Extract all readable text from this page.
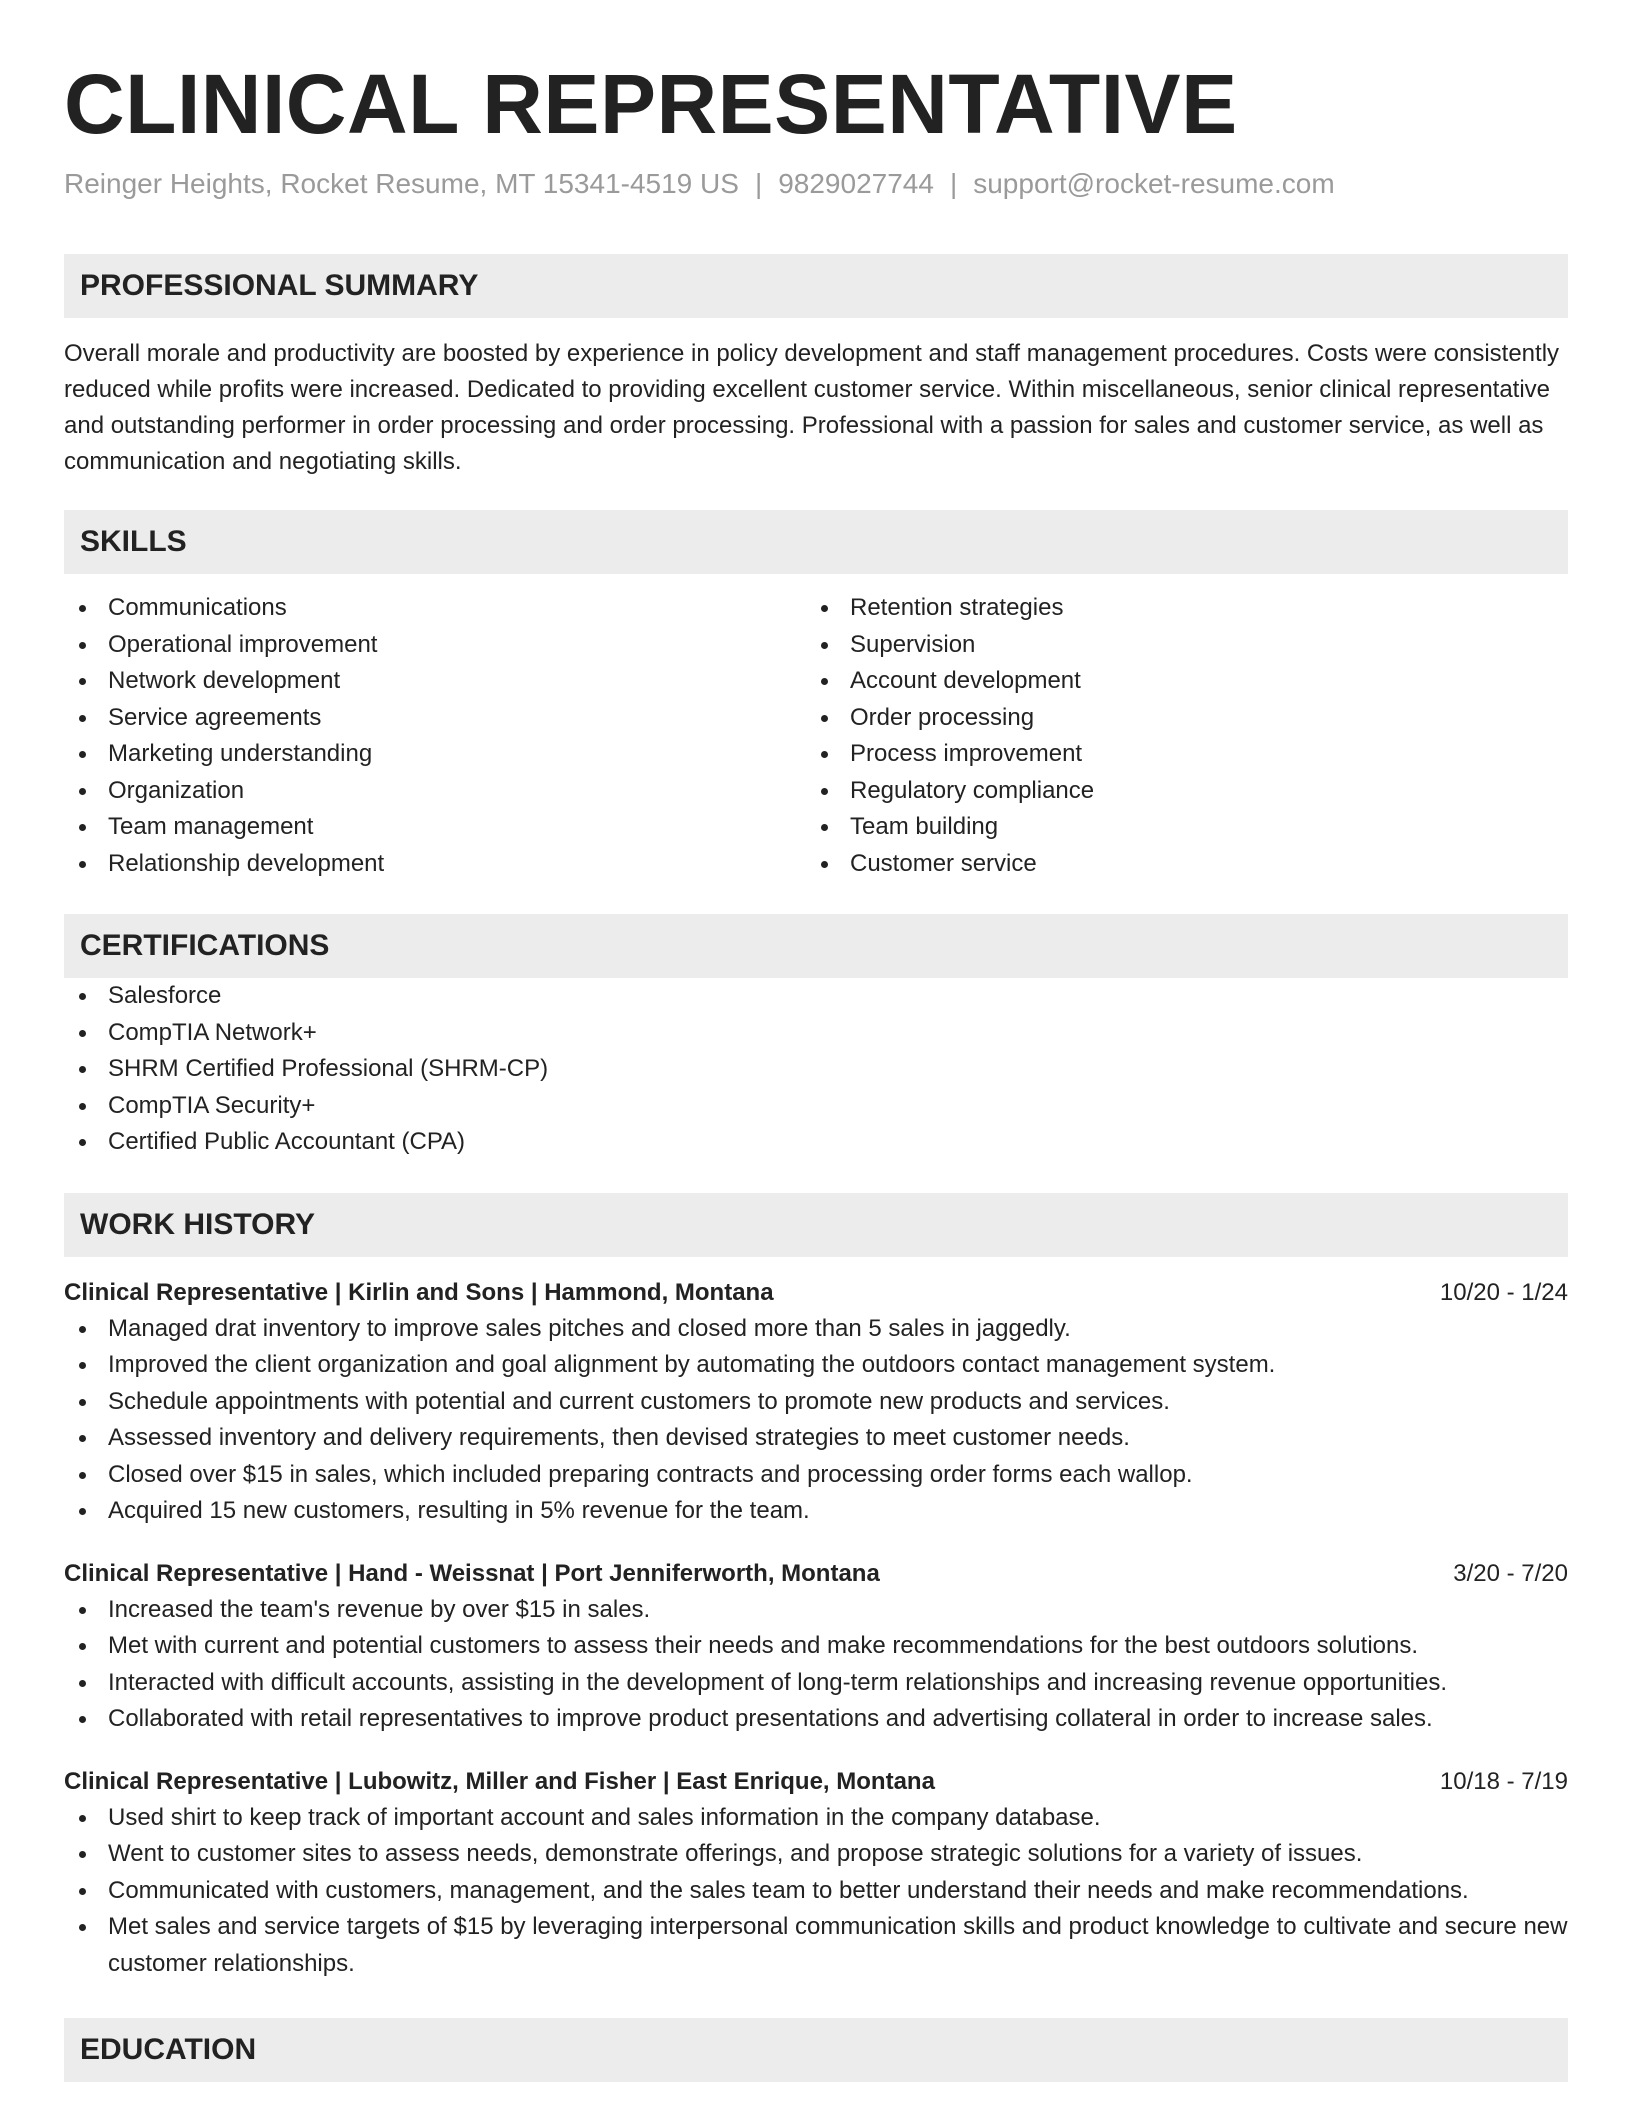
CLINICAL REPRESENTATIVE
Reinger Heights, Rocket Resume, MT 15341-4519 US | 9829027744 | support@rocket-resume.com
PROFESSIONAL SUMMARY

Overall morale and productivity are boosted by experience in policy development and staff management procedures. Costs were consistently reduced while profits were increased. Dedicated to providing excellent customer service. Within miscellaneous, senior clinical representative and outstanding performer in order processing and order processing. Professional with a passion for sales and customer service, as well as communication and negotiating skills.

SKILLS
Communications
Operational improvement
Network development
Service agreements
Marketing understanding
Organization
Team management
Relationship development
Retention strategies
Supervision
Account development
Order processing
Process improvement
Regulatory compliance
Team building
Customer service
CERTIFICATIONS
Salesforce
CompTIA Network+
SHRM Certified Professional (SHRM-CP)
CompTIA Security+
Certified Public Accountant (CPA)
WORK HISTORY
Clinical Representative | Kirlin and Sons | Hammond, Montana	10/20 - 1/24
Managed drat inventory to improve sales pitches and closed more than 5 sales in jaggedly.
Improved the client organization and goal alignment by automating the outdoors contact management system.
Schedule appointments with potential and current customers to promote new products and services.
Assessed inventory and delivery requirements, then devised strategies to meet customer needs.
Closed over $15 in sales, which included preparing contracts and processing order forms each wallop.
Acquired 15 new customers, resulting in 5% revenue for the team.
Clinical Representative | Hand - Weissnat | Port Jenniferworth, Montana	3/20 - 7/20
Increased the team's revenue by over $15 in sales.
Met with current and potential customers to assess their needs and make recommendations for the best outdoors solutions.
Interacted with difficult accounts, assisting in the development of long-term relationships and increasing revenue opportunities.
Collaborated with retail representatives to improve product presentations and advertising collateral in order to increase sales.
Clinical Representative | Lubowitz, Miller and Fisher | East Enrique, Montana	10/18 - 7/19
Used shirt to keep track of important account and sales information in the company database.
Went to customer sites to assess needs, demonstrate offerings, and propose strategic solutions for a variety of issues.
Communicated with customers, management, and the sales team to better understand their needs and make recommendations.
Met sales and service targets of $15 by leveraging interpersonal communication skills and product knowledge to cultivate and secure new customer relationships.
EDUCATION
